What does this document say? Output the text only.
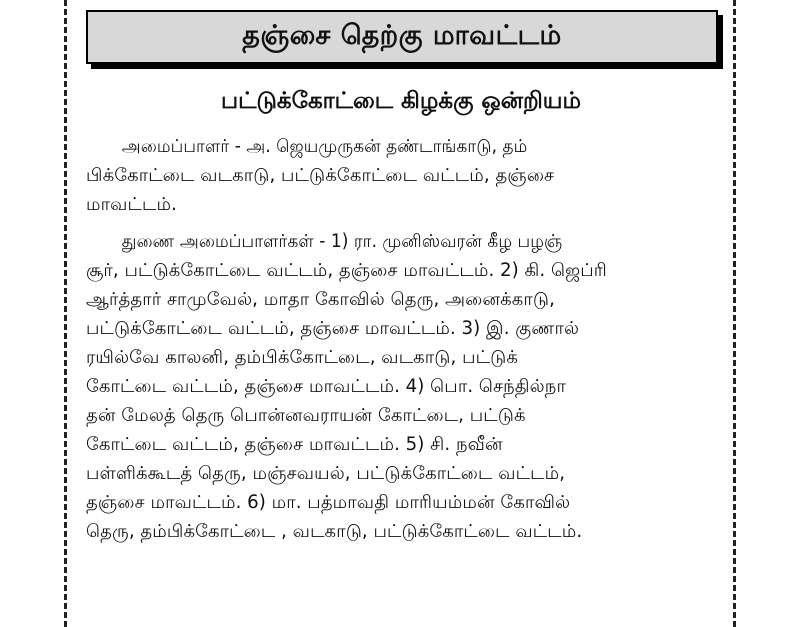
தஞ்சை தெற்கு மாவட்டம்
பட்டுக்கோட்டை கிழக்கு ஒன்றியம்
அமைப்பாளர் - அ. ஜெயமுருகன் தண்டாங்காடு, தம்
பிக்கோட்டை வடகாடு, பட்டுக்கோட்டை வட்டம், தஞ்சை
மாவட்டம்.
துணை அமைப்பாளர்கள் - 1) ரா. முனிஸ்வரன் கீழ பழஞ்
சூர், பட்டுக்கோட்டை வட்டம், தஞ்சை மாவட்டம். 2) கி. ஜெப்ரி
ஆர்த்தார் சாமுவேல், மாதா கோவில் தெரு, அனைக்காடு,
பட்டுக்கோட்டை வட்டம், தஞ்சை மாவட்டம். 3) இ. குணால்
ரயில்வே காலனி, தம்பிக்கோட்டை, வடகாடு, பட்டுக்
கோட்டை வட்டம், தஞ்சை மாவட்டம். 4) பொ. செந்தில்நா
தன் மேலத் தெரு பொன்னவராயன் கோட்டை, பட்டுக்
கோட்டை வட்டம், தஞ்சை மாவட்டம். 5) சி. நவீன்
பள்ளிக்கூடத் தெரு, மஞ்சவயல், பட்டுக்கோட்டை வட்டம்,
தஞ்சை மாவட்டம். 6) மா. பத்மாவதி மாரியம்மன் கோவில்
தெரு, தம்பிக்கோட்டை , வடகாடு, பட்டுக்கோட்டை வட்டம்.
